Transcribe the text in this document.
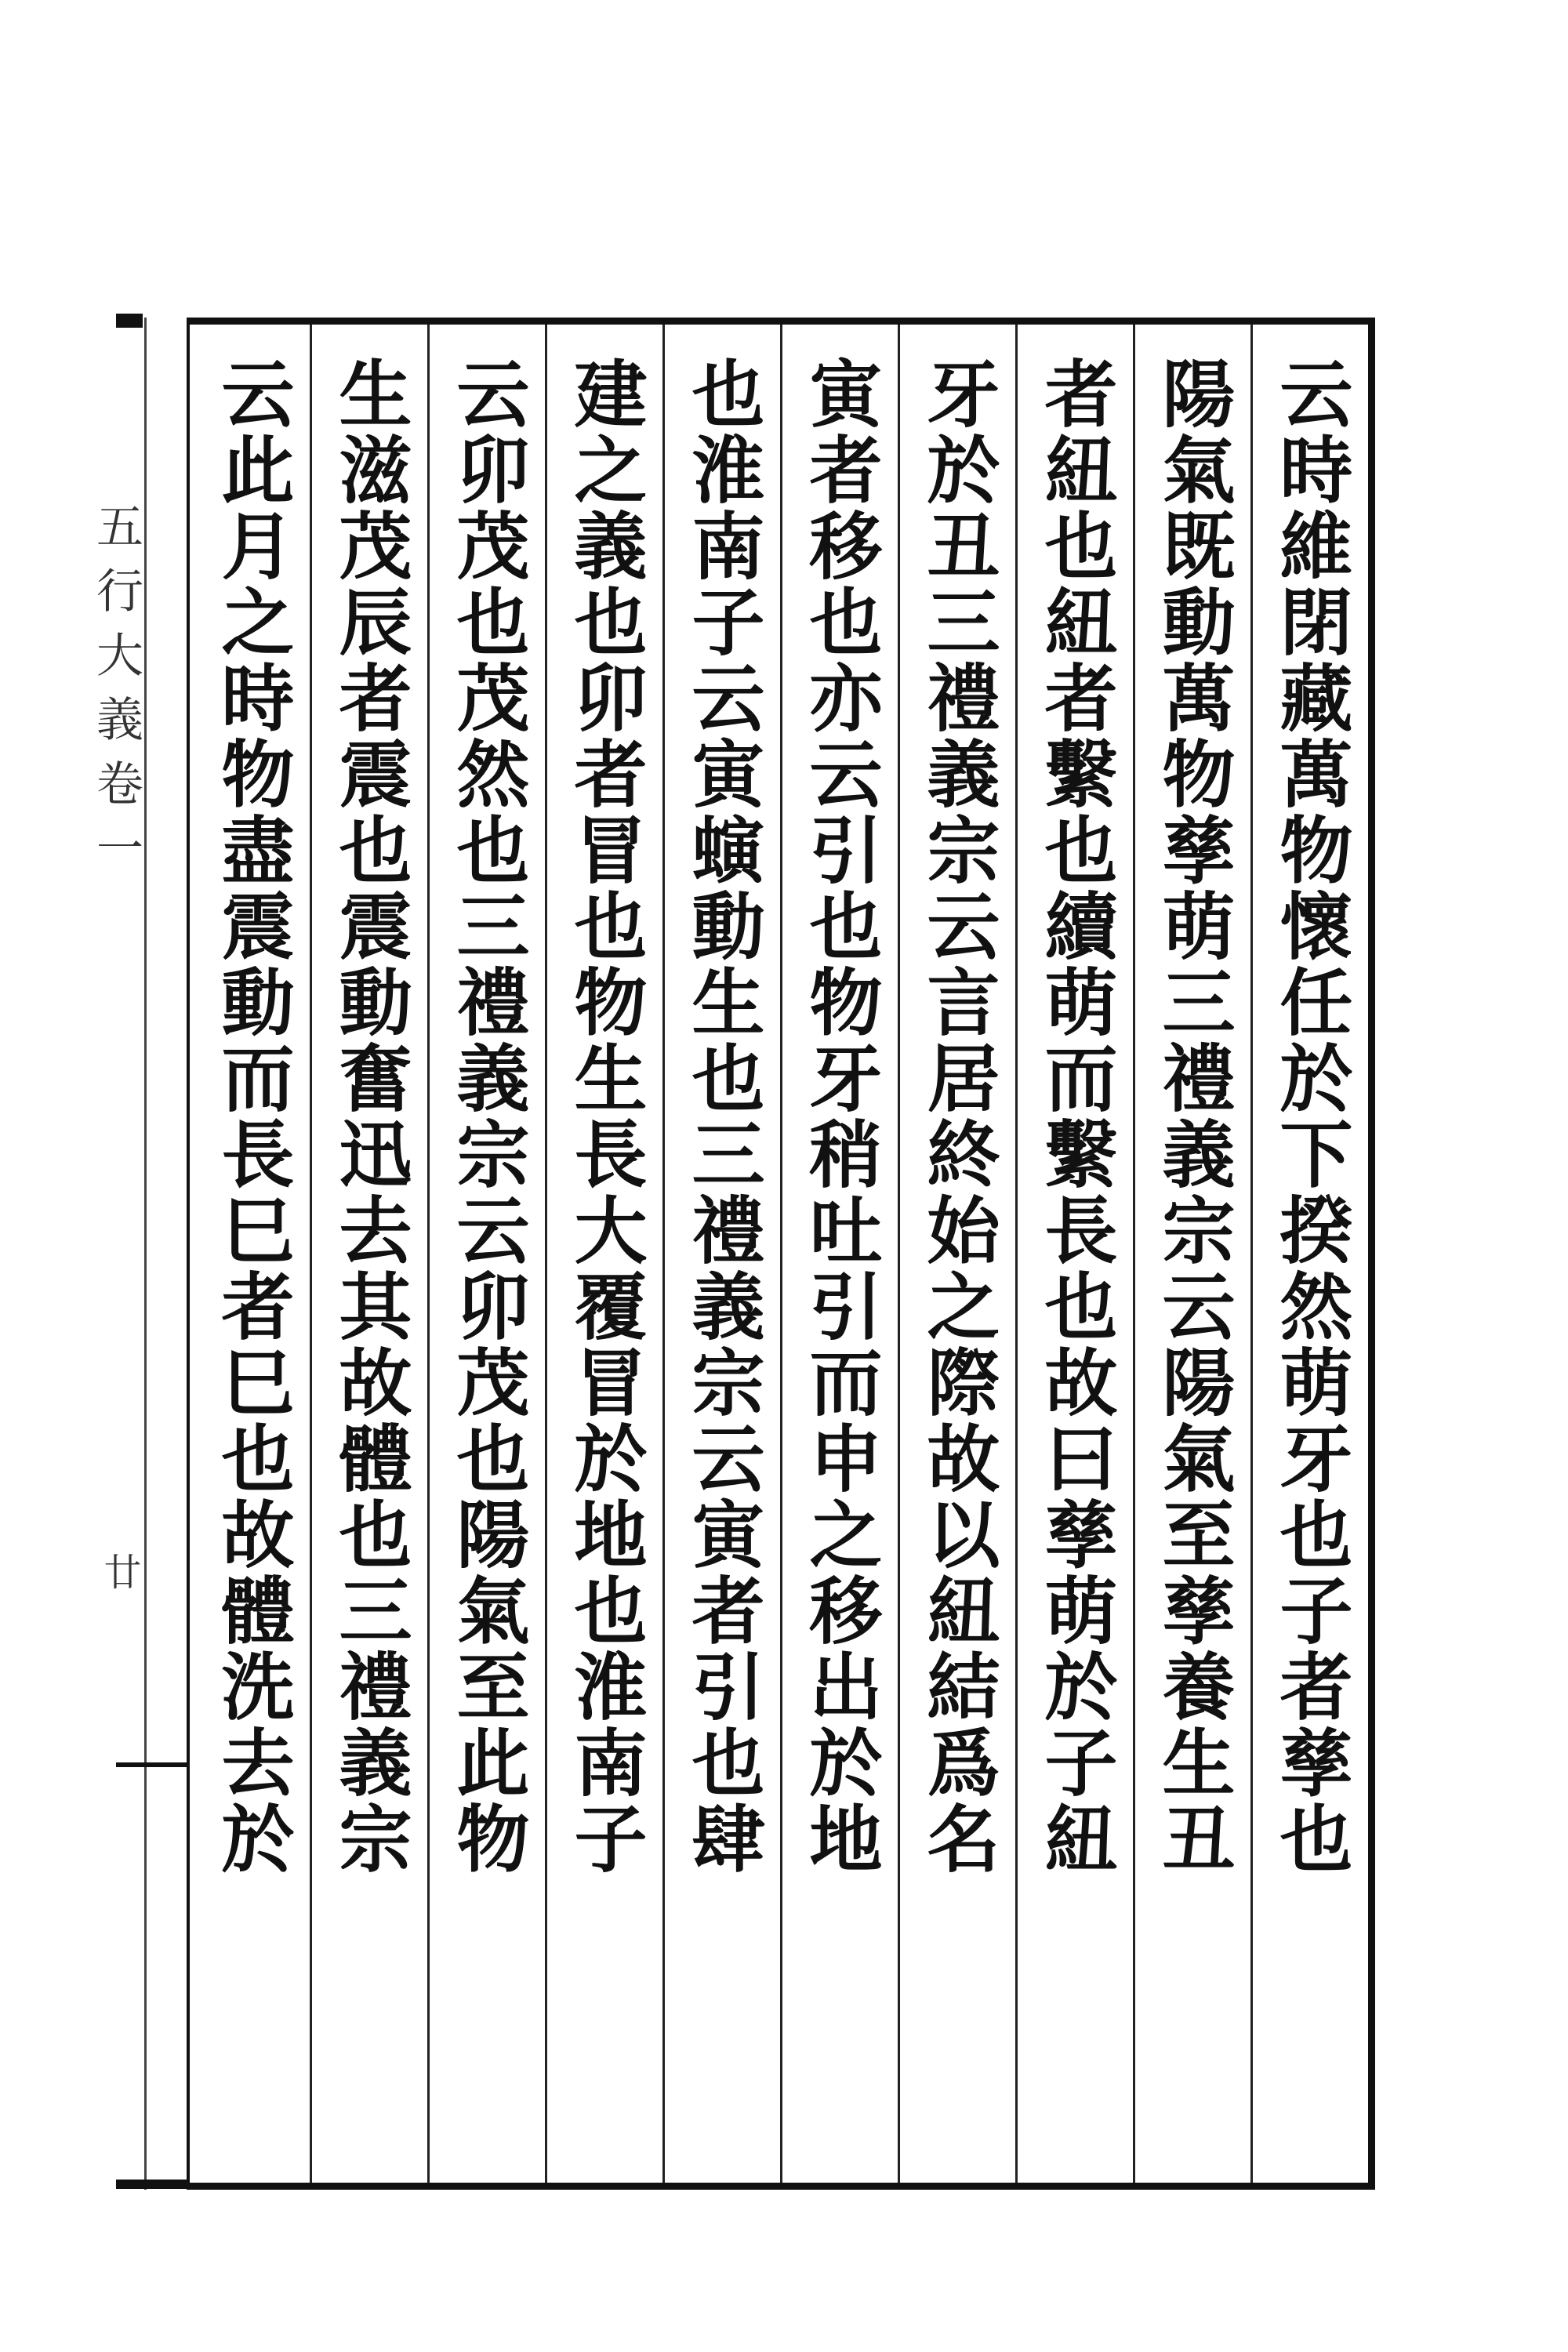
五行大義卷一
廿	云時維閉藏萬物懷任於下揆然萌牙也子者孳也
陽氣既動萬物孳萌三禮義宗云陽氣至孳養生丑
者紐也紐者繫也續萌而繫長也故曰孳萌於子紐
牙於丑三禮義宗云言居終始之際故以紐結爲名
寅者移也亦云引也物牙稍吐引而申之移出於地
也淮南子云寅螾動生也三禮義宗云寅者引也肆
建之義也卯者冒也物生長大覆冒於地也淮南子
云卯茂也茂然也三禮義宗云卯茂也陽氣至此物
生滋茂辰者震也震動奮迅去其故體也三禮義宗
云此月之時物盡震動而長巳者巳也故體洗去於
